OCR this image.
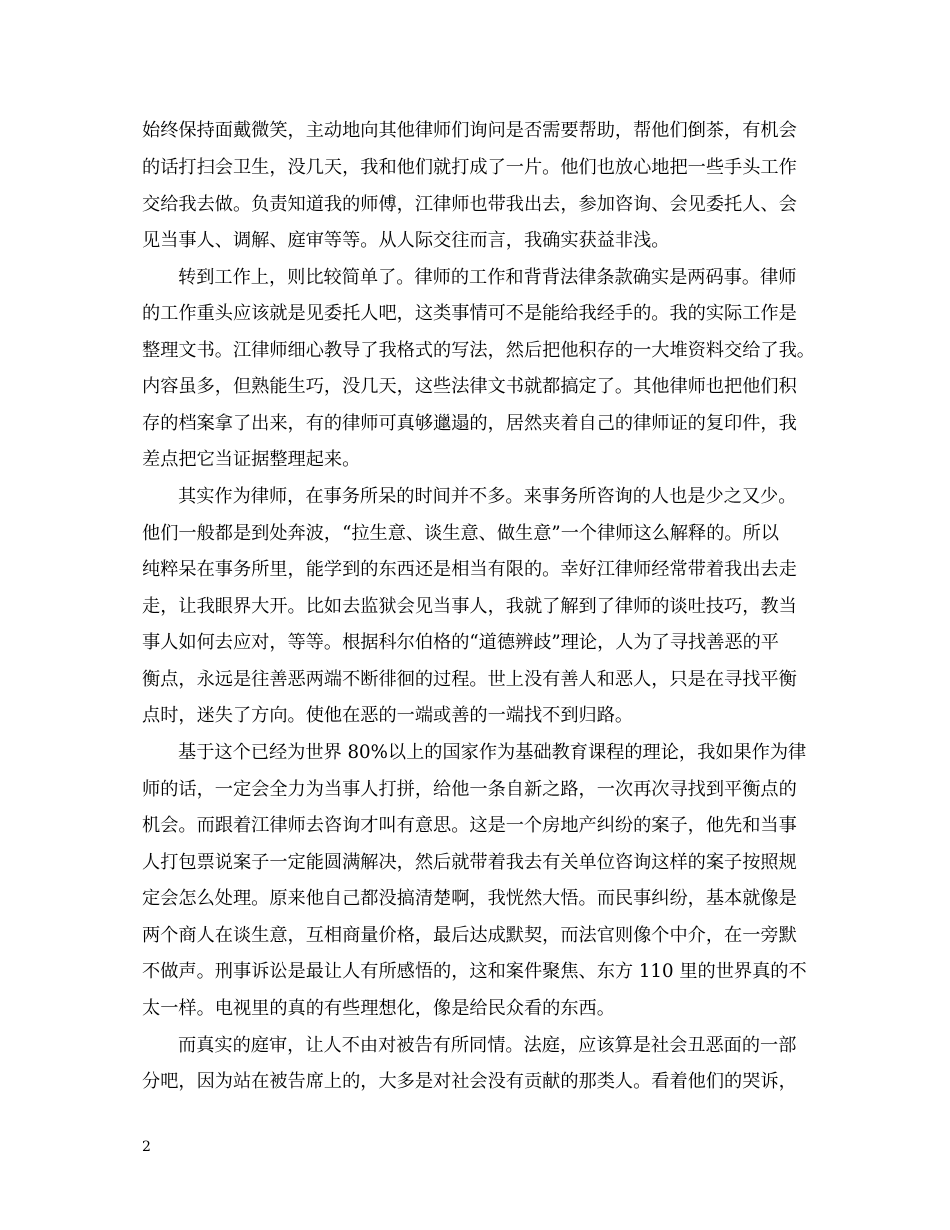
始终保持面戴微笑，主动地向其他律师们询问是否需要帮助，帮他们倒茶，有机会
的话打扫会卫生，没几天，我和他们就打成了一片。他们也放心地把一些手头工作
交给我去做。负责知道我的师傅，江律师也带我出去，参加咨询、会见委托人、会
见当事人、调解、庭审等等。从人际交往而言，我确实获益非浅。
转到工作上，则比较简单了。律师的工作和背背法律条款确实是两码事。律师
的工作重头应该就是见委托人吧，这类事情可不是能给我经手的。我的实际工作是
整理文书。江律师细心教导了我格式的写法，然后把他积存的一大堆资料交给了我。
内容虽多，但熟能生巧，没几天，这些法律文书就都搞定了。其他律师也把他们积
存的档案拿了出来，有的律师可真够邋遢的，居然夹着自己的律师证的复印件，我
差点把它当证据整理起来。
其实作为律师，在事务所呆的时间并不多。来事务所咨询的人也是少之又少。
他们一般都是到处奔波，“拉生意、谈生意、做生意”一个律师这么解释的。所以
纯粹呆在事务所里，能学到的东西还是相当有限的。幸好江律师经常带着我出去走
走，让我眼界大开。比如去监狱会见当事人，我就了解到了律师的谈吐技巧，教当
事人如何去应对，等等。根据科尔伯格的“道德辨歧”理论，人为了寻找善恶的平
衡点，永远是往善恶两端不断徘徊的过程。世上没有善人和恶人，只是在寻找平衡
点时，迷失了方向。使他在恶的一端或善的一端找不到归路。
基于这个已经为世界 80%以上的国家作为基础教育课程的理论，我如果作为律
师的话，一定会全力为当事人打拼，给他一条自新之路，一次再次寻找到平衡点的
机会。而跟着江律师去咨询才叫有意思。这是一个房地产纠纷的案子，他先和当事
人打包票说案子一定能圆满解决，然后就带着我去有关单位咨询这样的案子按照规
定会怎么处理。原来他自己都没搞清楚啊，我恍然大悟。而民事纠纷，基本就像是
两个商人在谈生意，互相商量价格，最后达成默契，而法官则像个中介，在一旁默
不做声。刑事诉讼是最让人有所感悟的，这和案件聚焦、东方 110 里的世界真的不
太一样。电视里的真的有些理想化，像是给民众看的东西。
而真实的庭审，让人不由对被告有所同情。法庭，应该算是社会丑恶面的一部
分吧，因为站在被告席上的，大多是对社会没有贡献的那类人。看着他们的哭诉，
2
